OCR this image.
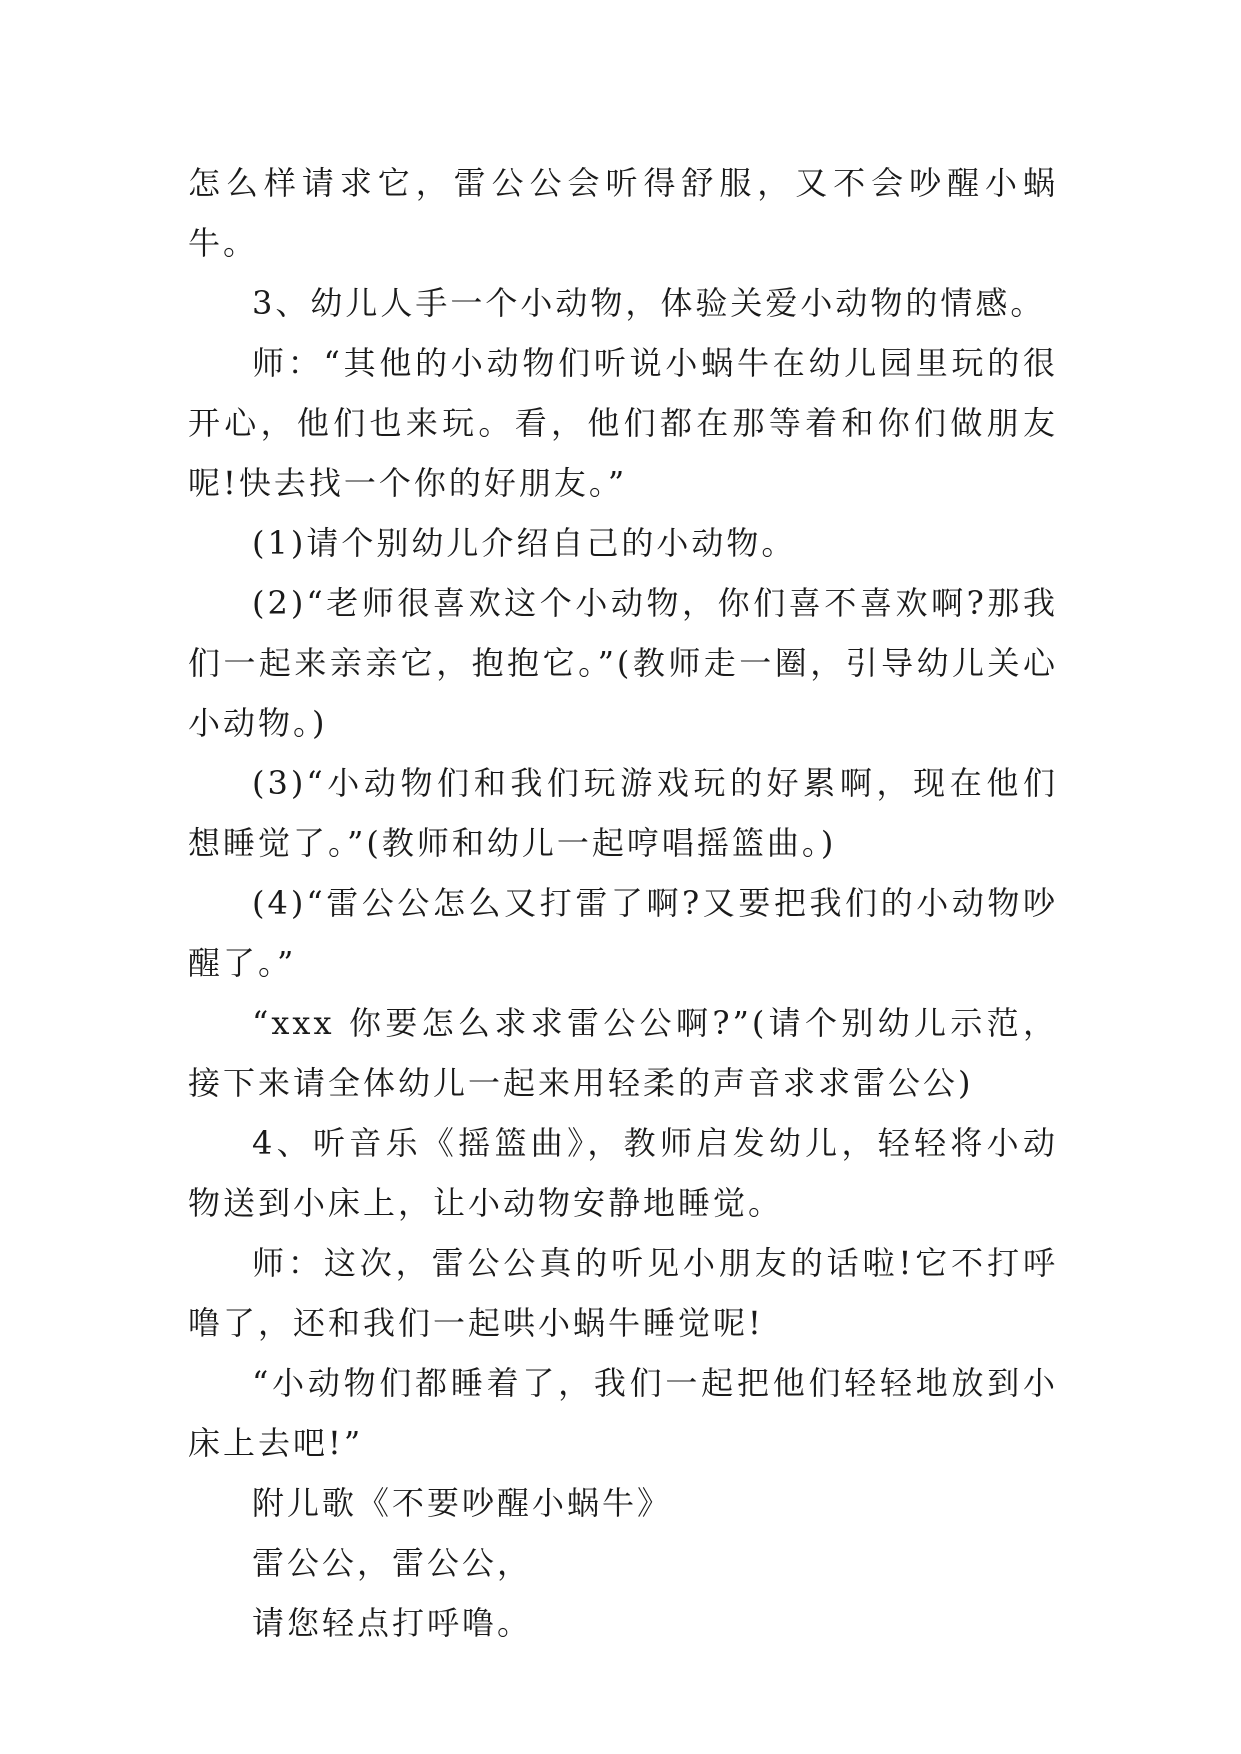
怎么样请求它，雷公公会听得舒服，又不会吵醒小蜗牛。

3、幼儿人手一个小动物，体验关爱小动物的情感。

师：“其他的小动物们听说小蜗牛在幼儿园里玩的很开心，他们也来玩。看，他们都在那等着和你们做朋友呢!快去找一个你的好朋友。”

(1)请个别幼儿介绍自己的小动物。

(2)“老师很喜欢这个小动物，你们喜不喜欢啊?那我们一起来亲亲它，抱抱它。”(教师走一圈，引导幼儿关心小动物。)

(3)“小动物们和我们玩游戏玩的好累啊，现在他们想睡觉了。”(教师和幼儿一起哼唱摇篮曲。)

(4)“雷公公怎么又打雷了啊?又要把我们的小动物吵醒了。”

“xxx 你要怎么求求雷公公啊?”(请个别幼儿示范，接下来请全体幼儿一起来用轻柔的声音求求雷公公)

4、听音乐《摇篮曲》，教师启发幼儿，轻轻将小动物送到小床上，让小动物安静地睡觉。

师：这次，雷公公真的听见小朋友的话啦!它不打呼噜了，还和我们一起哄小蜗牛睡觉呢!

“小动物们都睡着了，我们一起把他们轻轻地放到小床上去吧!”

附儿歌《不要吵醒小蜗牛》

雷公公，雷公公，

请您轻点打呼噜。
